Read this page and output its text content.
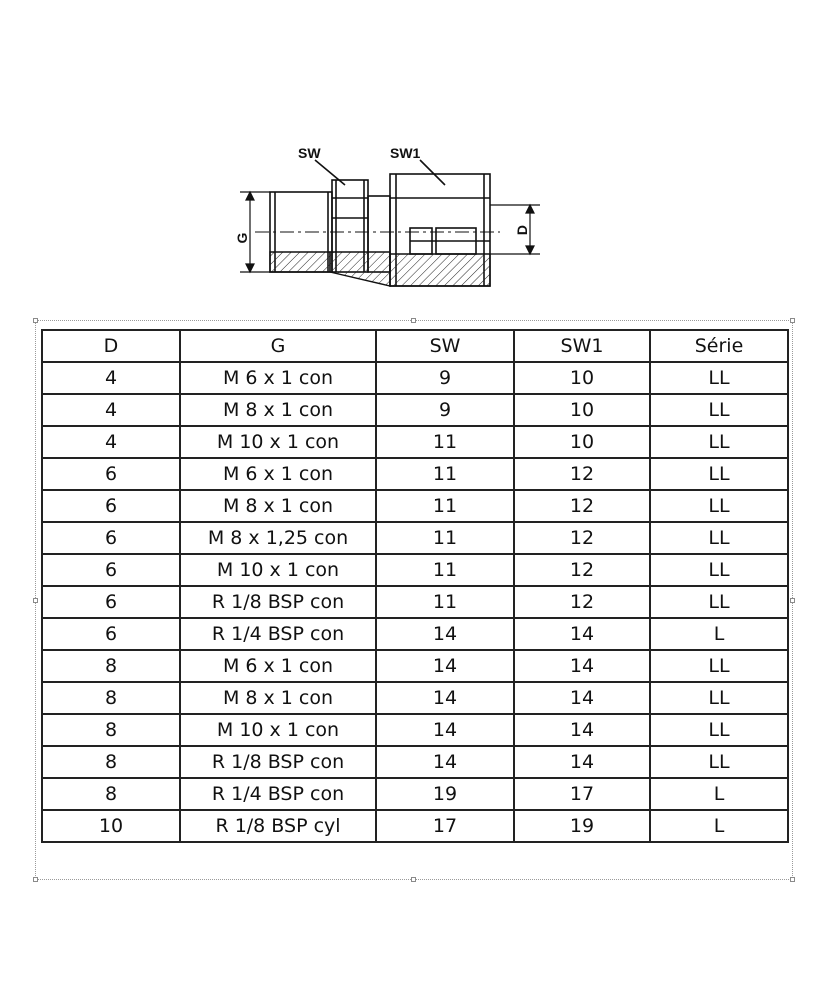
SW	SW1
G
D
D	G	SW	SW1	Série
4	M 6 x 1 con	9	10	LL
4	M 8 x 1 con	9	10	LL
4	M 10 x 1 con	11	10	LL
6	M 6 x 1 con	11	12	LL
6	M 8 x 1 con	11	12	LL
6	M 8 x 1,25 con	11	12	LL
6	M 10 x 1 con	11	12	LL
6	R 1/8 BSP con	11	12	LL
6	R 1/4 BSP con	14	14	L
8	M 6 x 1 con	14	14	LL
8	M 8 x 1 con	14	14	LL
8	M 10 x 1 con	14	14	LL
8	R 1/8 BSP con	14	14	LL
8	R 1/4 BSP con	19	17	L
10	R 1/8 BSP cyl	17	19	L
